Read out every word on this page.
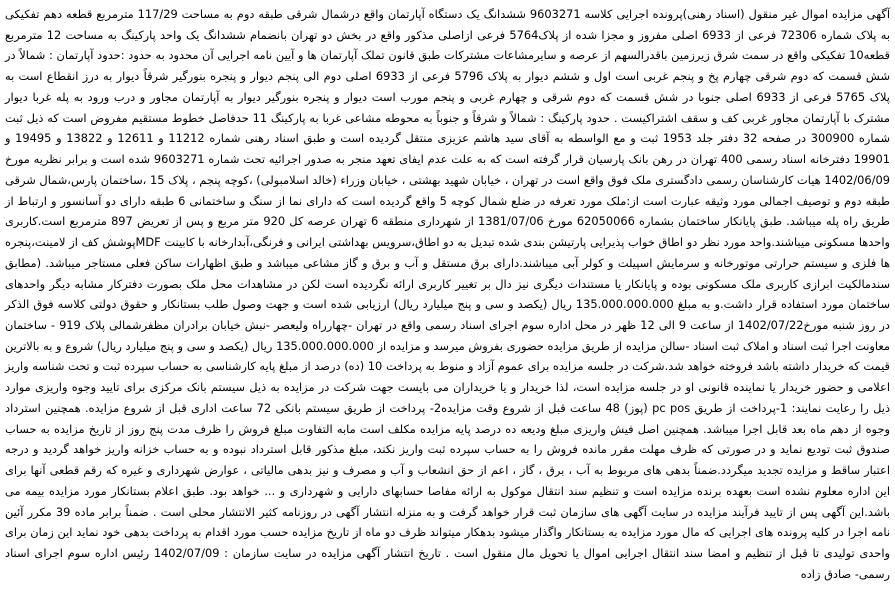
آگهی مزایده اموال غیر منقول (اسناد رهنی)پرونده اجرایی کلاسه 9603271 ششدانگ یک دستگاه آپارتمان واقع درشمال شرقی طبقه دوم به مساحت 117/29 مترمربع قطعه دهم تفکیکی به پلاک شماره 72306 فرعی از 6933 اصلی مفروز و مجزا شده از پلاک5764 فرعی ازاصلی مذکور واقع در بخش دو تهران بانضمام ششدانگ یک واحد پارکینگ به مساحت 12 مترمربع قطعه10 تفکیکی واقع در سمت شرق زیرزمین باقدرالسهم از عرصه و سایرمشاعات مشترکات طبق قانون تملک آپارتمان ها و آیین نامه اجرایی آن محدود به حدود :حدود آپارتمان : شمالاً در شش قسمت که دوم شرقی چهارم پخ و پنجم غربی است اول و ششم دیوار به پلاک 5796 فرعی از 6933 اصلی دوم الی پنجم دیوار و پنجره بنورگیر شرقاً دیوار به درز انقطاع است به پلاک 5765 فرعی از 6933 اصلی جنوبا در شش قسمت که دوم شرقی و چهارم غربی و پنجم مورب است دیوار و پنجره بنورگیر دیوار به آپارتمان مجاور و درب ورود به پله غربا دیوار مشترک با آپارتمان مجاور غربی کف و سقف اشتراکیست . حدود پارکینگ : شمالاً و شرقاً و جنوباً به محوطه مشاعی غربا به پارکینگ 11 حدفاصل خطوط مستقیم مفروض است که ذیل ثبت شماره 300900 در صفحه 32 دفتر جلد 1953 ثبت و مع الواسطه به آقای سید هاشم عزیزی منتقل گردیده است و طبق اسناد رهنی شماره 11212 و 12611 و 13822 و 19495 و 19901 دفترخانه اسناد رسمی 400 تهران در رهن بانک پارسیان قرار گرفته است که به علت عدم ایفای تعهد منجر به صدور اجرائیه تحت شماره 9603271 شده است و برابر نظریه مورخ 1402/06/09 هیات کارشناسان رسمی دادگستری ملک فوق واقع است در تهران ، خیابان شهید بهشتی ، خیابان وزراء (خالد اسلامبولی) ،کوچه پنجم ، پلاک 15 ،ساختمان پارس،شمال شرقی طبقه دوم و توصیف اجمالی مورد وثیقه عبارت است از:ملک مورد تعرفه در ضلع شمال کوچه 5 واقع گردیده است که دارای نما از سنگ و ساختمانی 6 طبقه دارای دو آسانسور و ارتباط از طریق راه پله میباشد. طبق پایانکار ساختمان بشماره 62050066 مورخ 1381/07/06 از شهرداری منطقه 6 تهران عرصه کل 920 متر مربع و پس از تعریض 897 مترمربع است.کاربری واحدها مسکونی میباشند.واحد مورد نظر دو اطاق خواب پذیرایی پارتیشن بندی شده تبدیل به دو اطاق،سرویس بهداشتی ایرانی و فرنگی،آبدارخانه با کابینت MDFپوشش کف از لامینت،پنجره ها فلزی و سیستم حرارتی موتورخانه و سرمایش اسپیلت و کولر آبی میباشند.دارای برق مستقل و آب و برق و گاز مشاعی میباشد و طبق اظهارات ساکن فعلی مستاجر میباشد. (مطابق سندمالکیت ابرازی کاربری ملک مسکونی بوده و پایانکار یا مستندات دیگری نیز دال بر تغییر کاربری ارائه نگردیده است لکن در مشاهدات محل ملک بصورت دفترکار مشابه دیگر واحدهای ساختمان مورد استفاده قرار داشت.و به مبلغ 135.000.000.000 ریال (یکصد و سی و پنج میلیارد ریال) ارزیابی شده است و جهت وصول طلب بستانکار و حقوق دولتی کلاسه فوق الذکر در روز شنبه مورخ1402/07/22 از ساعت 9 الی 12 ظهر در محل اداره سوم اجرای اسناد رسمی واقع در تهران -چهارراه ولیعصر -نبش خیابان برادران مظفرشمالی پلاک 919 - ساختمان معاونت اجرا ثبت اسناد و املاک ثبت اسناد -سالن مزایده از طریق مزایده حضوری بفروش میرسد و مزایده از 135.000.000.000 ریال (یکصد و سی و پنج میلیارد ریال) شروع و به بالاترین قیمت که خریدار داشته باشد فروخته خواهد شد.شرکت در جلسه مزایده برای عموم آزاد و منوط به پرداخت 10 (ده) درصد از مبلغ پایه کارشناسی به حساب سپرده ثبت و تحت شناسه واریز اعلامی و حضور خریدار یا نماینده قانونی او در جلسه مزایده است، لذا خریدار و یا خریداران می بایست جهت شرکت در مزایده به ذیل سیستم بانک مرکزی برای تایید وجوه واریزی موارد ذیل را رعایت نمایند: 1-پرداخت از طریق pc pos (پوز) 48 ساعت قبل از شروع وقت مزایده2- پرداخت از طریق سیستم بانکی 72 ساعت اداری قبل از شروع مزایده. همچنین استرداد وجوه از دهم ماه بعد قابل اجرا میباشد. همچنین اصل فیش واریزی مبلغ ودیعه ده درصد پایه مزایده مکلف است مابه التفاوت مبلغ فروش را ظرف مدت پنج روز از تاریخ مزایده به حساب صندوق ثبت تودیع نماید و در صورتی که ظرف مهلت مقرر مانده فروش را به حساب سپرده ثبت واریز نکند، مبلغ مذکور قابل استرداد نبوده و به حساب خزانه واریز خواهد گردید و درجه اعتبار ساقط و مزایده تجدید میگردد.ضمناً بدهی های مربوط به آب ، برق ، گاز ، اعم از حق انشعاب و آب و مصرف و نیز بدهی مالیاتی ، عوارض شهرداری و غیره که رقم قطعی آنها برای این اداره معلوم نشده است بعهده برنده مزایده است و تنظیم سند انتقال موکول به ارائه مفاصا حسابهای دارایی و شهرداری و ... خواهد بود. طبق اعلام بستانکار مورد مزایده بیمه می باشد.این آگهی پس از تایید فرآیند مزایده در سایت آگهی های سازمان ثبت قرار خواهد گرفت و به منزله انتشار آگهی در روزنامه کثیر الانتشار محلی است . ضمناً برابر ماده 39 مکرر آئین نامه اجرا در کلیه پرونده های اجرایی که مال مورد مزایده به بستانکار واگذار میشود بدهکار میتواند ظرف دو ماه از تاریخ مزایده حسب مورد اقدام به پرداخت بدهی خود نماید این زمان برای واحدی تولیدی تا قبل از تنظیم و امضا سند انتقال اجرایی اموال یا تحویل مال منقول است . تاریخ انتشار آگهی مزایده در سایت سازمان : 1402/07/09 رئیس اداره سوم اجرای اسناد رسمی- صادق زاده
